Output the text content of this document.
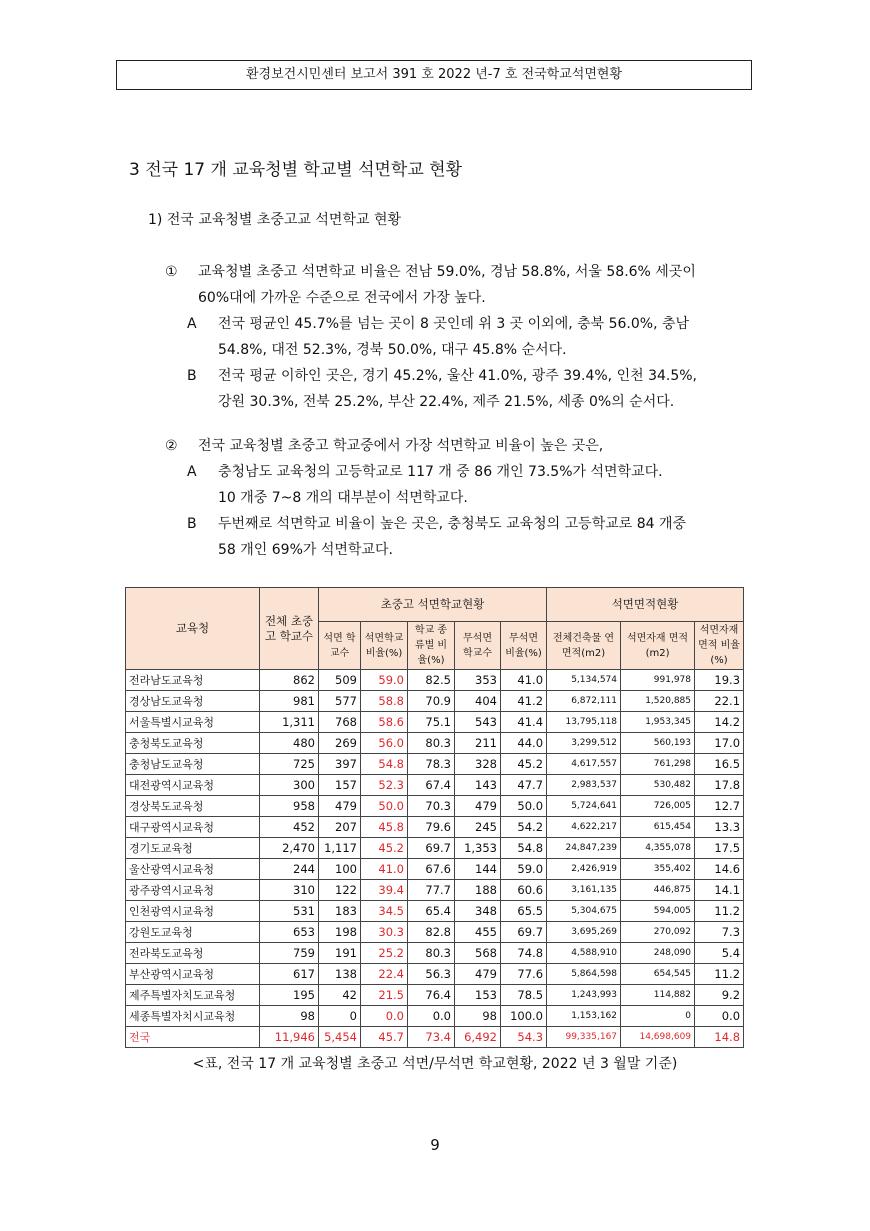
환경보건시민센터 보고서 391 호 2022 년-7 호 전국학교석면현황
3 전국 17 개 교육청별 학교별 석면학교 현황
1) 전국 교육청별 초중고교 석면학교 현황
① 교육청별 초중고 석면학교 비율은 전남 59.0%, 경남 58.8%, 서울 58.6% 세곳이
60%대에 가까운 수준으로 전국에서 가장 높다.
A 전국 평균인 45.7%를 넘는 곳이 8 곳인데 위 3 곳 이외에, 충북 56.0%, 충남
54.8%, 대전 52.3%, 경북 50.0%, 대구 45.8% 순서다.
B 전국 평균 이하인 곳은, 경기 45.2%, 울산 41.0%, 광주 39.4%, 인천 34.5%,
강원 30.3%, 전북 25.2%, 부산 22.4%, 제주 21.5%, 세종 0%의 순서다.
② 전국 교육청별 초중고 학교중에서 가장 석면학교 비율이 높은 곳은,
A 충청남도 교육청의 고등학교로 117 개 중 86 개인 73.5%가 석면학교다.
10 개중 7~8 개의 대부분이 석면학교다.
B 두번째로 석면학교 비율이 높은 곳은, 충청북도 교육청의 고등학교로 84 개중
58 개인 69%가 석면학교다.
교육청	전체 초중고 학교수	초중고 석면학교현황					석면면적현황		
		석면 학교수	석면학교 비율(%)	학교 종류별 비율(%)	무석면 학교수	무석면 비율(%)	전체건축물 연면적(m2)	석면자재 면적(m2)	석면자재 면적 비율(%)
전라남도교육청	862	509	59.0	82.5	353	41.0	5,134,574	991,978	19.3
경상남도교육청	981	577	58.8	70.9	404	41.2	6,872,111	1,520,885	22.1
서울특별시교육청	1,311	768	58.6	75.1	543	41.4	13,795,118	1,953,345	14.2
충청북도교육청	480	269	56.0	80.3	211	44.0	3,299,512	560,193	17.0
충청남도교육청	725	397	54.8	78.3	328	45.2	4,617,557	761,298	16.5
대전광역시교육청	300	157	52.3	67.4	143	47.7	2,983,537	530,482	17.8
경상북도교육청	958	479	50.0	70.3	479	50.0	5,724,641	726,005	12.7
대구광역시교육청	452	207	45.8	79.6	245	54.2	4,622,217	615,454	13.3
경기도교육청	2,470	1,117	45.2	69.7	1,353	54.8	24,847,239	4,355,078	17.5
울산광역시교육청	244	100	41.0	67.6	144	59.0	2,426,919	355,402	14.6
광주광역시교육청	310	122	39.4	77.7	188	60.6	3,161,135	446,875	14.1
인천광역시교육청	531	183	34.5	65.4	348	65.5	5,304,675	594,005	11.2
강원도교육청	653	198	30.3	82.8	455	69.7	3,695,269	270,092	7.3
전라북도교육청	759	191	25.2	80.3	568	74.8	4,588,910	248,090	5.4
부산광역시교육청	617	138	22.4	56.3	479	77.6	5,864,598	654,545	11.2
제주특별자치도교육청	195	42	21.5	76.4	153	78.5	1,243,993	114,882	9.2
세종특별자치시교육청	98	0	0.0	0.0	98	100.0	1,153,162	0	0.0
전국	11,946	5,454	45.7	73.4	6,492	54.3	99,335,167	14,698,609	14.8
<표, 전국 17 개 교육청별 초중고 석면/무석면 학교현황, 2022 년 3 월말 기준)
9
